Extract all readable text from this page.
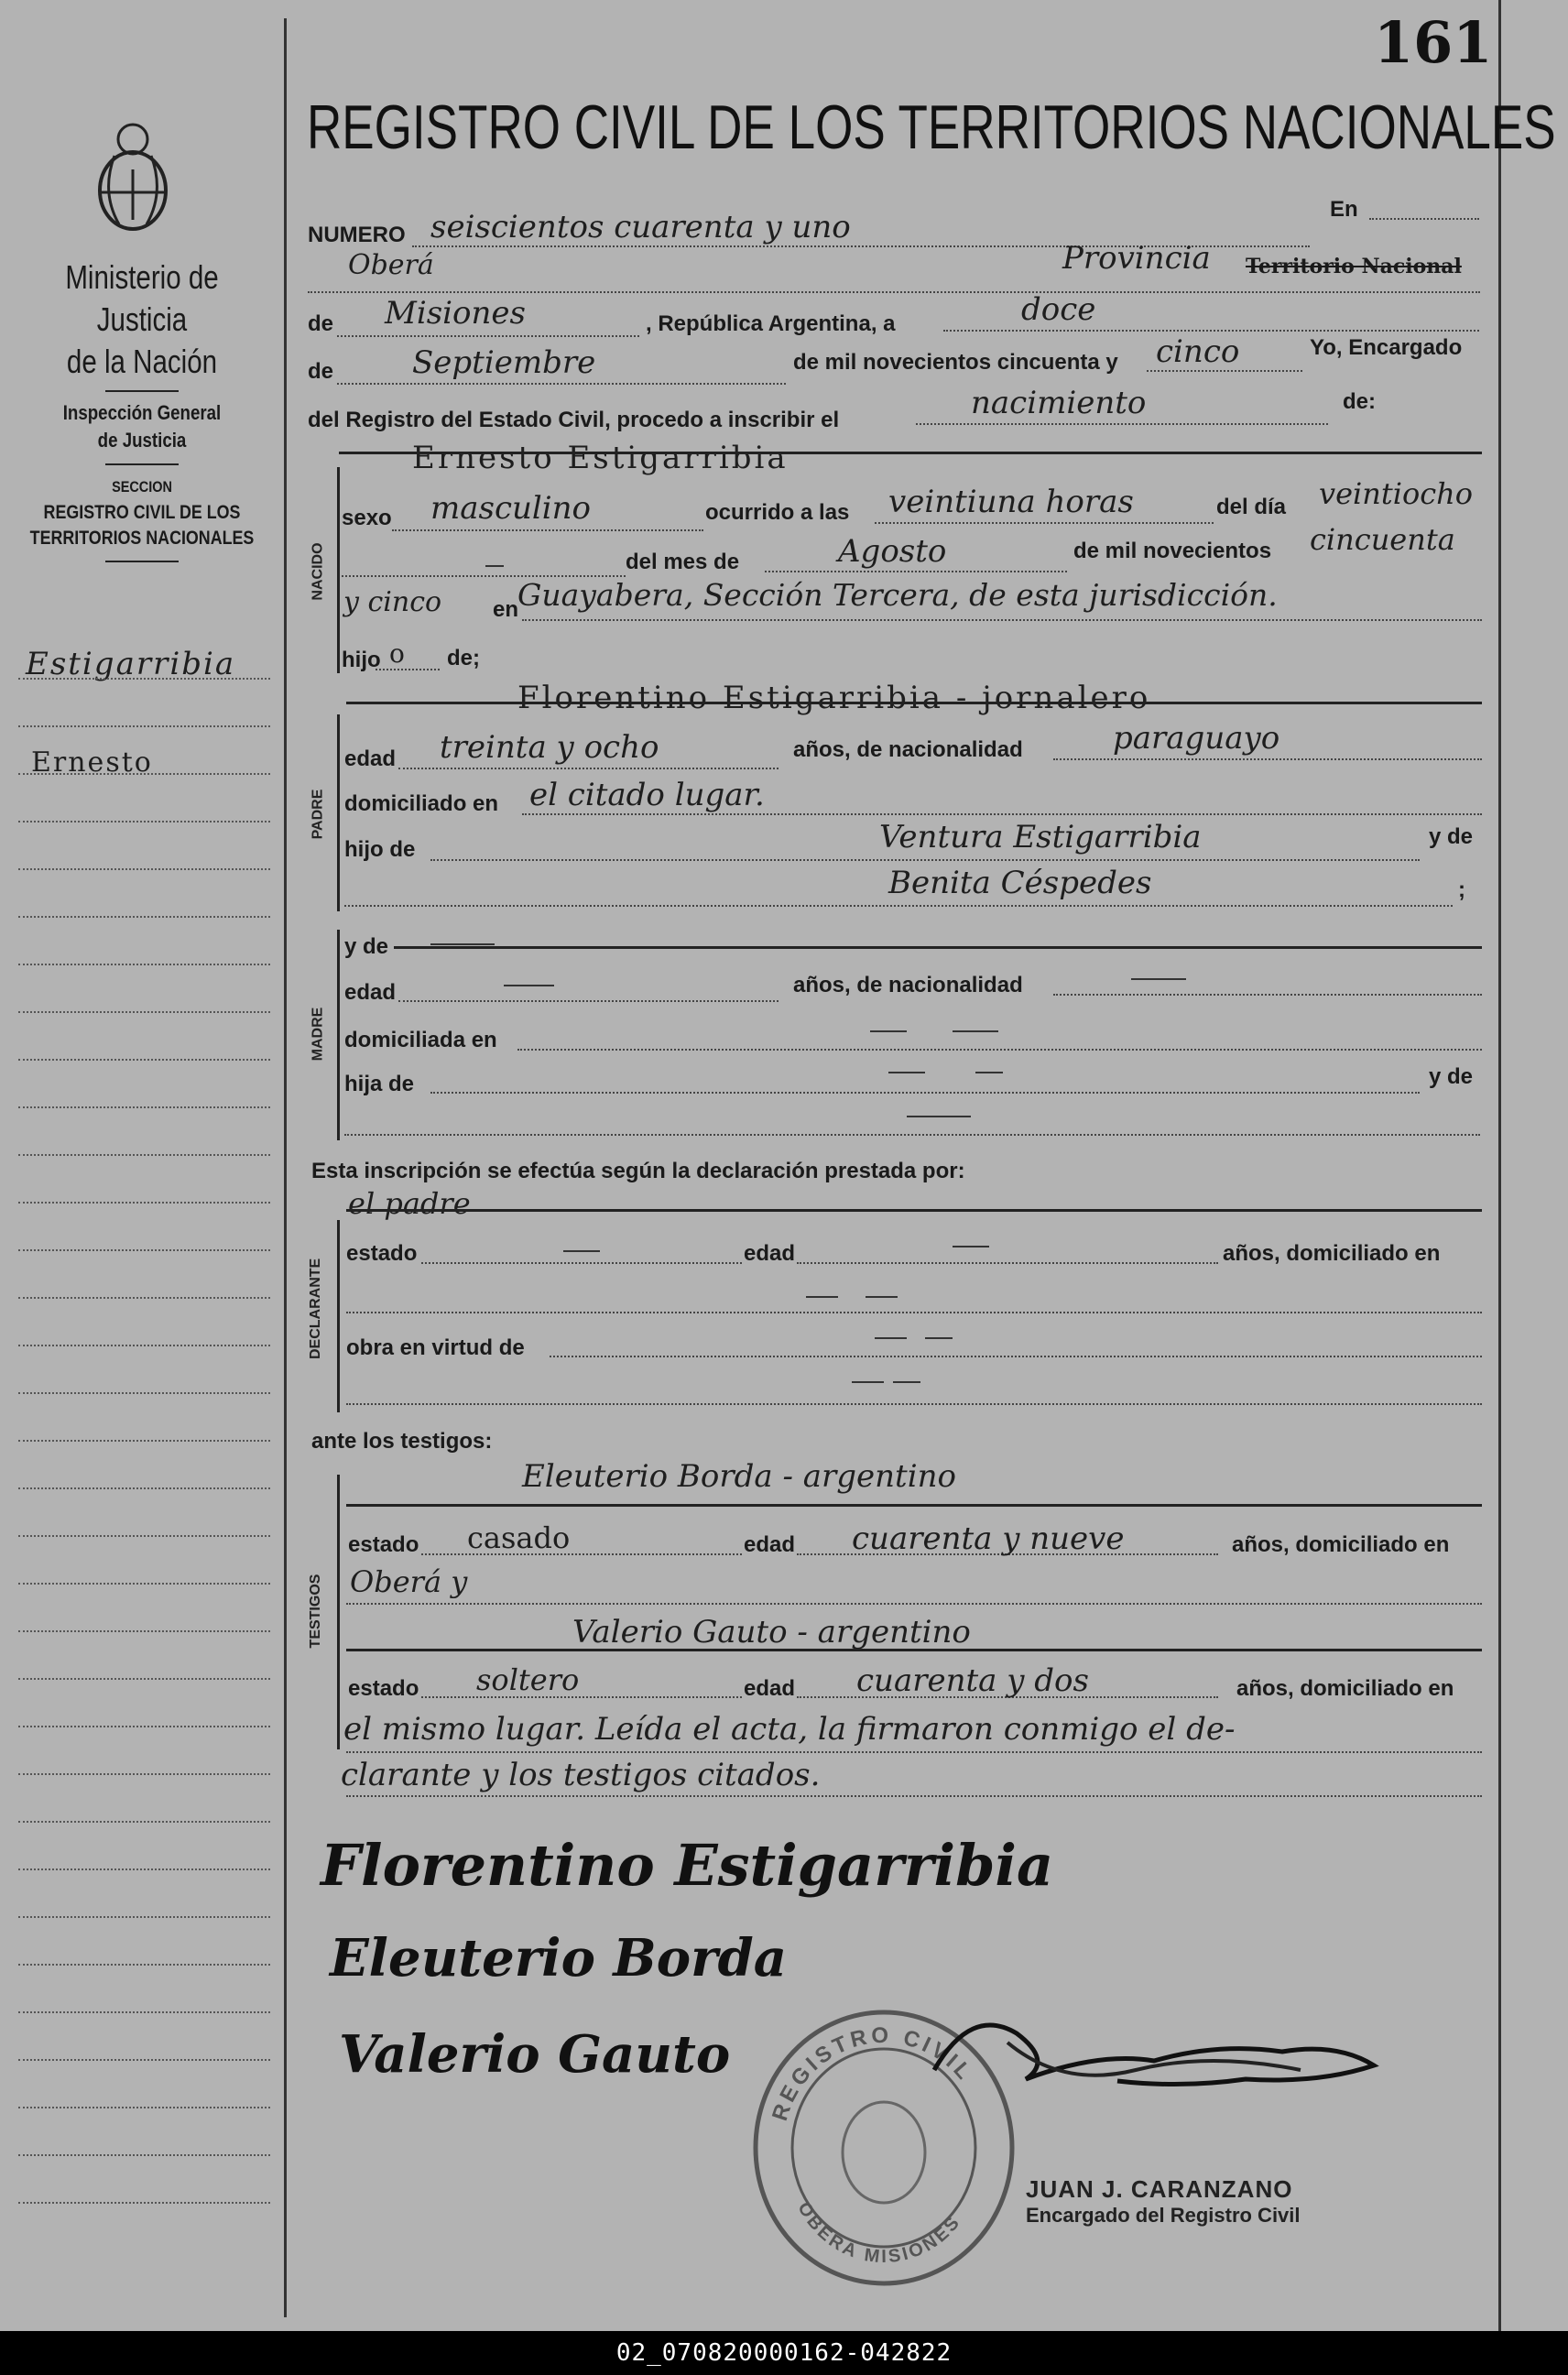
161
Ministerio de Justicia
de la Nación
Inspección General
de Justicia
SECCION
REGISTRO CIVIL DE LOS
TERRITORIOS NACIONALES
Estigarribia
Ernesto
REGISTRO CIVIL DE LOS TERRITORIOS NACIONALES
NUMERO seiscientos cuarenta y uno	En
Oberá	Provincia Territorio Nacional
de Misiones	, República Argentina, a	doce
de	Septiembre	de mil novecientos cincuenta y cinco	Yo, Encargado
del Registro del Estado Civil, procedo a inscribir el	nacimiento	de:
Ernesto Estigarribia
NACIDO
sexo masculino	ocurrido a las veintiuna horas	del día veintiocho
del mes de	Agosto	de mil novecientos cincuenta
y cinco en
Guayabera, Sección Tercera, de esta jurisdicción.
hijo o de;
Florentino Estigarribia - jornalero
PADRE
edad treinta y ocho	años, de nacionalidad	paraguayo
domiciliado en el citado lugar.
hijo de	Ventura Estigarribia	y de
Benita Céspedes	;
MADRE
y de
edad	años, de nacionalidad
domiciliada en
hija de	y de
Esta inscripción se efectúa según la declaración prestada por:
el padre
DECLARANTE
estado	edad	años, domiciliado en
obra en virtud de
ante los testigos:
Eleuterio Borda - argentino
TESTIGOS
estado casado	edad cuarenta y nueve	años, domiciliado en
Oberá y
Valerio Gauto - argentino
estado soltero	edad cuarenta y dos	años, domiciliado en
el mismo lugar. Leída el acta, la firmaron conmigo el de-
clarante y los testigos citados.
Florentino Estigarribia
Eleuterio Borda
Valerio Gauto
REGISTRO CIVIL
OBERÁ MISIONES
JUAN J. CARANZANO
Encargado del Registro Civil
02_070820000162-042822
